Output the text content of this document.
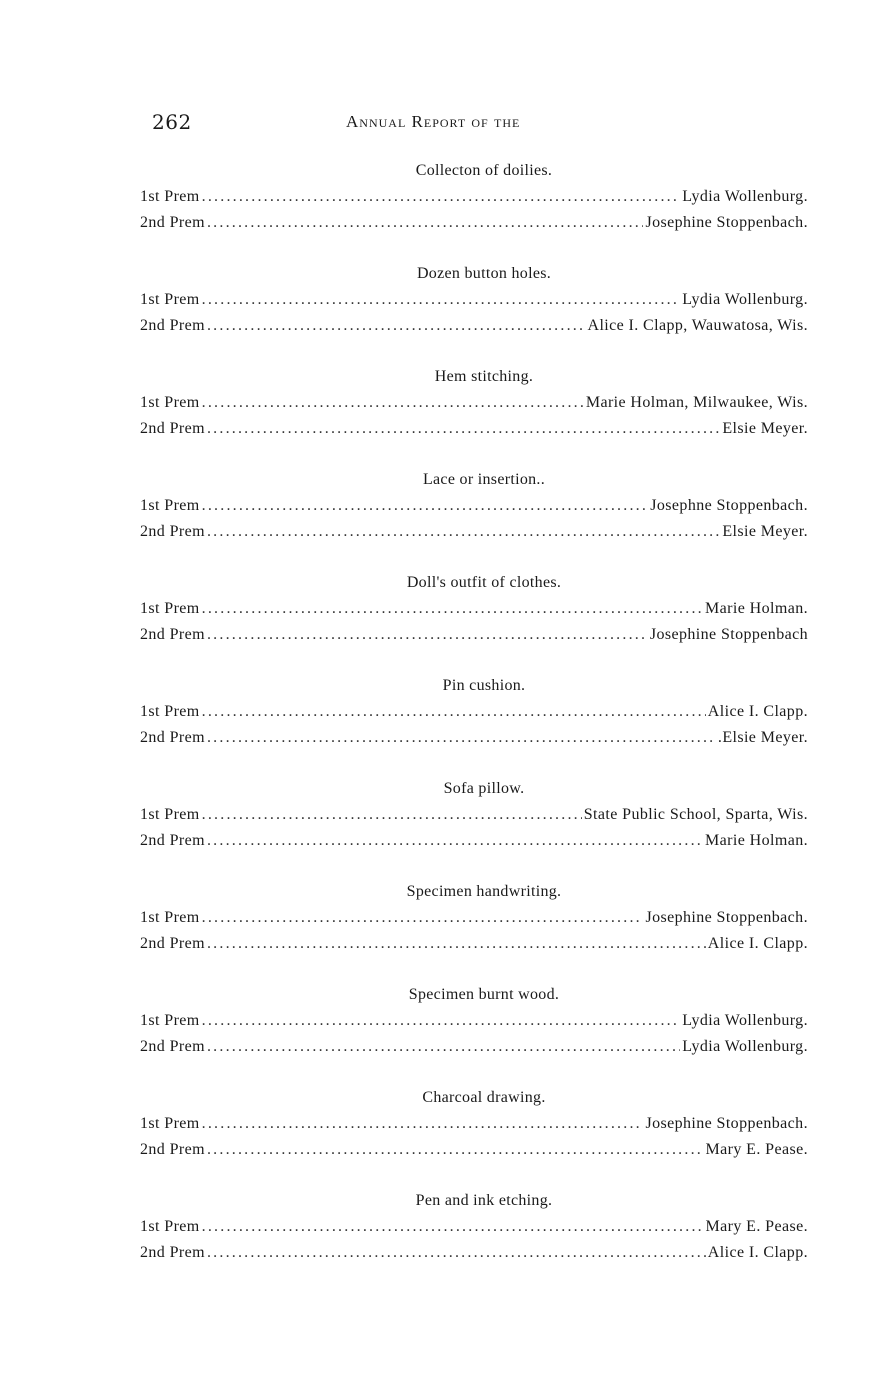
262	Annual Report of the
Collecton of doilies.
1st Prem .....	Lydia Wollenburg.
2nd Prem .....	Josephine Stoppenbach.
Dozen button holes.
1st Prem .....	Lydia Wollenburg.
2nd Prem .....	Alice I. Clapp, Wauwatosa, Wis.
Hem stitching.
1st Prem .....	Marie Holman, Milwaukee, Wis.
2nd Prem .....	Elsie Meyer.
Lace or insertion..
1st Prem .....	Josephne Stoppenbach.
2nd Prem .....	Elsie Meyer.
Doll's outfit of clothes.
1st Prem .....	Marie Holman.
2nd Prem .....	Josephine Stoppenbach
Pin cushion.
1st Prem .....	Alice I. Clapp.
2nd Prem .....	.Elsie Meyer.
Sofa pillow.
1st Prem .....	State Public School, Sparta, Wis.
2nd Prem .....	Marie Holman.
Specimen handwriting.
1st Prem .....	Josephine Stoppenbach.
2nd Prem .....	Alice I. Clapp.
Specimen burnt wood.
1st Prem .....	Lydia Wollenburg.
2nd Prem .....	Lydia Wollenburg.
Charcoal drawing.
1st Prem .....	Josephine Stoppenbach.
2nd Prem .....	Mary E. Pease.
Pen and ink etching.
1st Prem .....	Mary E. Pease.
2nd Prem .....	Alice I. Clapp.
